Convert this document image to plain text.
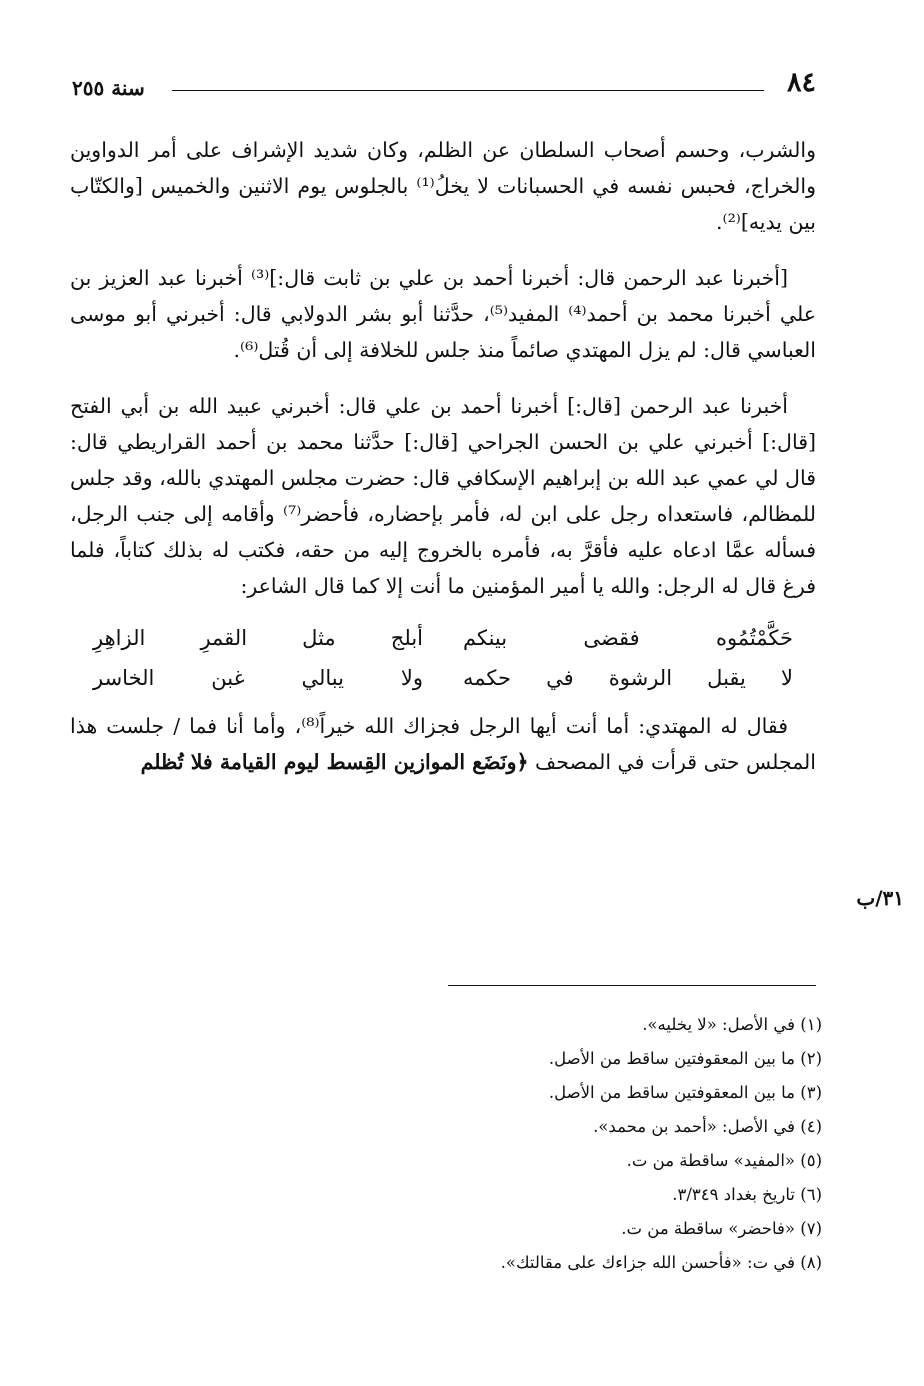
٨٤
سنة ٢٥٥
٣١/ب

والشرب، وحسم أصحاب السلطان عن الظلم، وكان شديد الإشراف على أمر الدواوين والخراج، فحبس نفسه في الحسبانات لا يخلُ⁽¹⁾ بالجلوس يوم الاثنين والخميس [والكتّاب بين يديه]⁽²⁾.

[أخبرنا عبد الرحمن قال: أخبرنا أحمد بن علي بن ثابت قال:]⁽³⁾ أخبرنا عبد العزيز بن علي أخبرنا محمد بن أحمد⁽⁴⁾ المفيد⁽⁵⁾، حدَّثنا أبو بشر الدولابي قال: أخبرني أبو موسى العباسي قال: لم يزل المهتدي صائماً منذ جلس للخلافة إلى أن قُتل⁽⁶⁾.

أخبرنا عبد الرحمن [قال:] أخبرنا أحمد بن علي قال: أخبرني عبيد الله بن أبي الفتح [قال:] أخبرني علي بن الحسن الجراحي [قال:] حدَّثنا محمد بن أحمد القراريطي قال: قال لي عمي عبد الله بن إبراهيم الإسكافي قال: حضرت مجلس المهتدي بالله، وقد جلس للمظالم، فاستعداه رجل على ابن له، فأمر بإحضاره، فأحضر⁽⁷⁾ وأقامه إلى جنب الرجل، فسأله عمَّا ادعاه عليه فأقرَّ به، فأمره بالخروج إليه من حقه، فكتب له بذلك كتاباً، فلما فرغ قال له الرجل: والله يا أمير المؤمنين ما أنت إلا كما قال الشاعر:

حَكَّمْتُمُوه فقضى بينكم
أبلج مثل القمرِ الزاهِرِ
لا يقبل الرشوة في حكمه
ولا يبالي غبن الخاسر

فقال له المهتدي: أما أنت أيها الرجل فجزاك الله خيراً⁽⁸⁾، وأما أنا فما / جلست هذا المجلس حتى قرأت في المصحف ﴿ونَضَع الموازين القِسط ليوم القيامة فلا تُظلم

(١) في الأصل: «لا يخليه».

(٢) ما بين المعقوفتين ساقط من الأصل.

(٣) ما بين المعقوفتين ساقط من الأصل.

(٤) في الأصل: «أحمد بن محمد».

(٥) «المفيد» ساقطة من ت.

(٦) تاريخ بغداد ٣/٣٤٩.

(٧) «فاحضر» ساقطة من ت.

(٨) في ت: «فأحسن الله جزاءك على مقالتك».
